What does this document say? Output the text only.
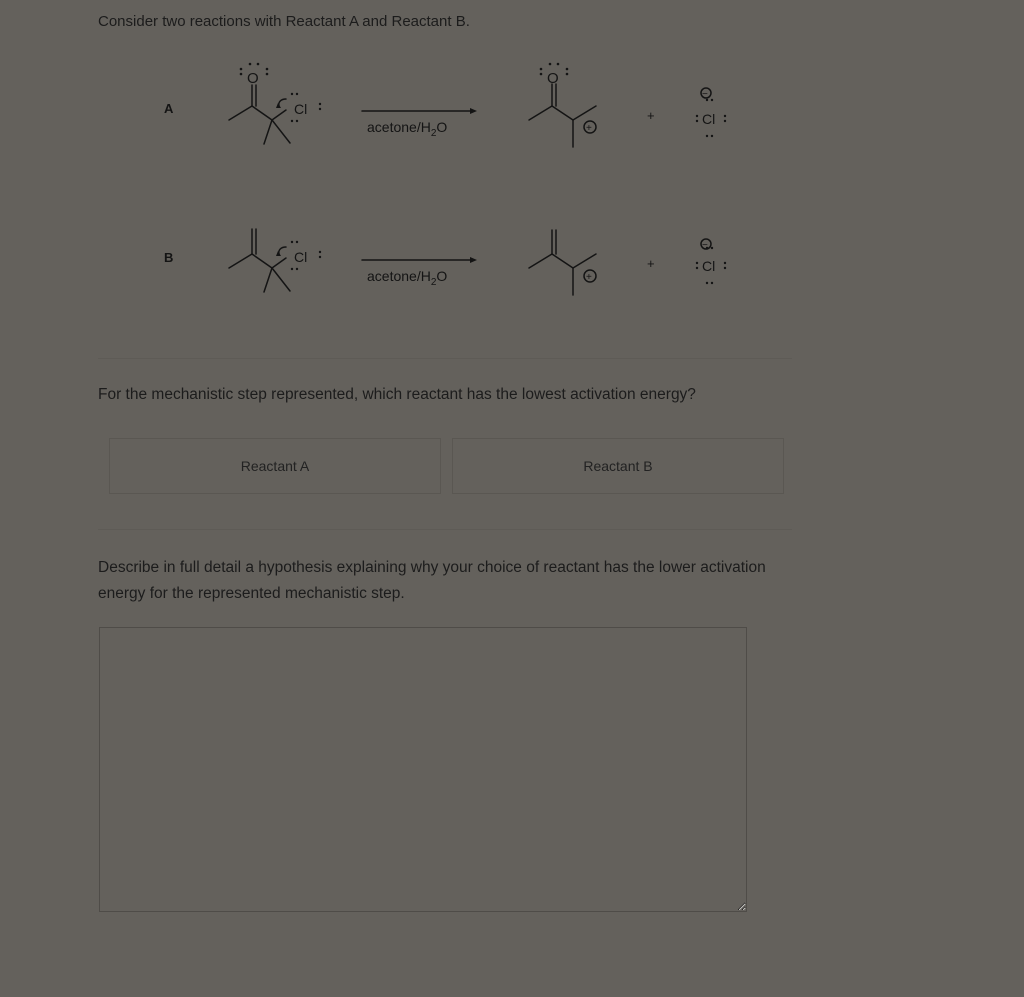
Consider two reactions with Reactant A and Reactant B.
A
B
O	O
Cl
Cl
acetone/$H_2O$
acetone/$H_2O$
+
+
+
+
Cl
Cl
−
−
For the mechanistic step represented, which reactant has the lowest activation energy?
Reactant A	Reactant B
Describe in full detail a hypothesis explaining why your choice of reactant has the lower activation energy for the represented mechanistic step.
